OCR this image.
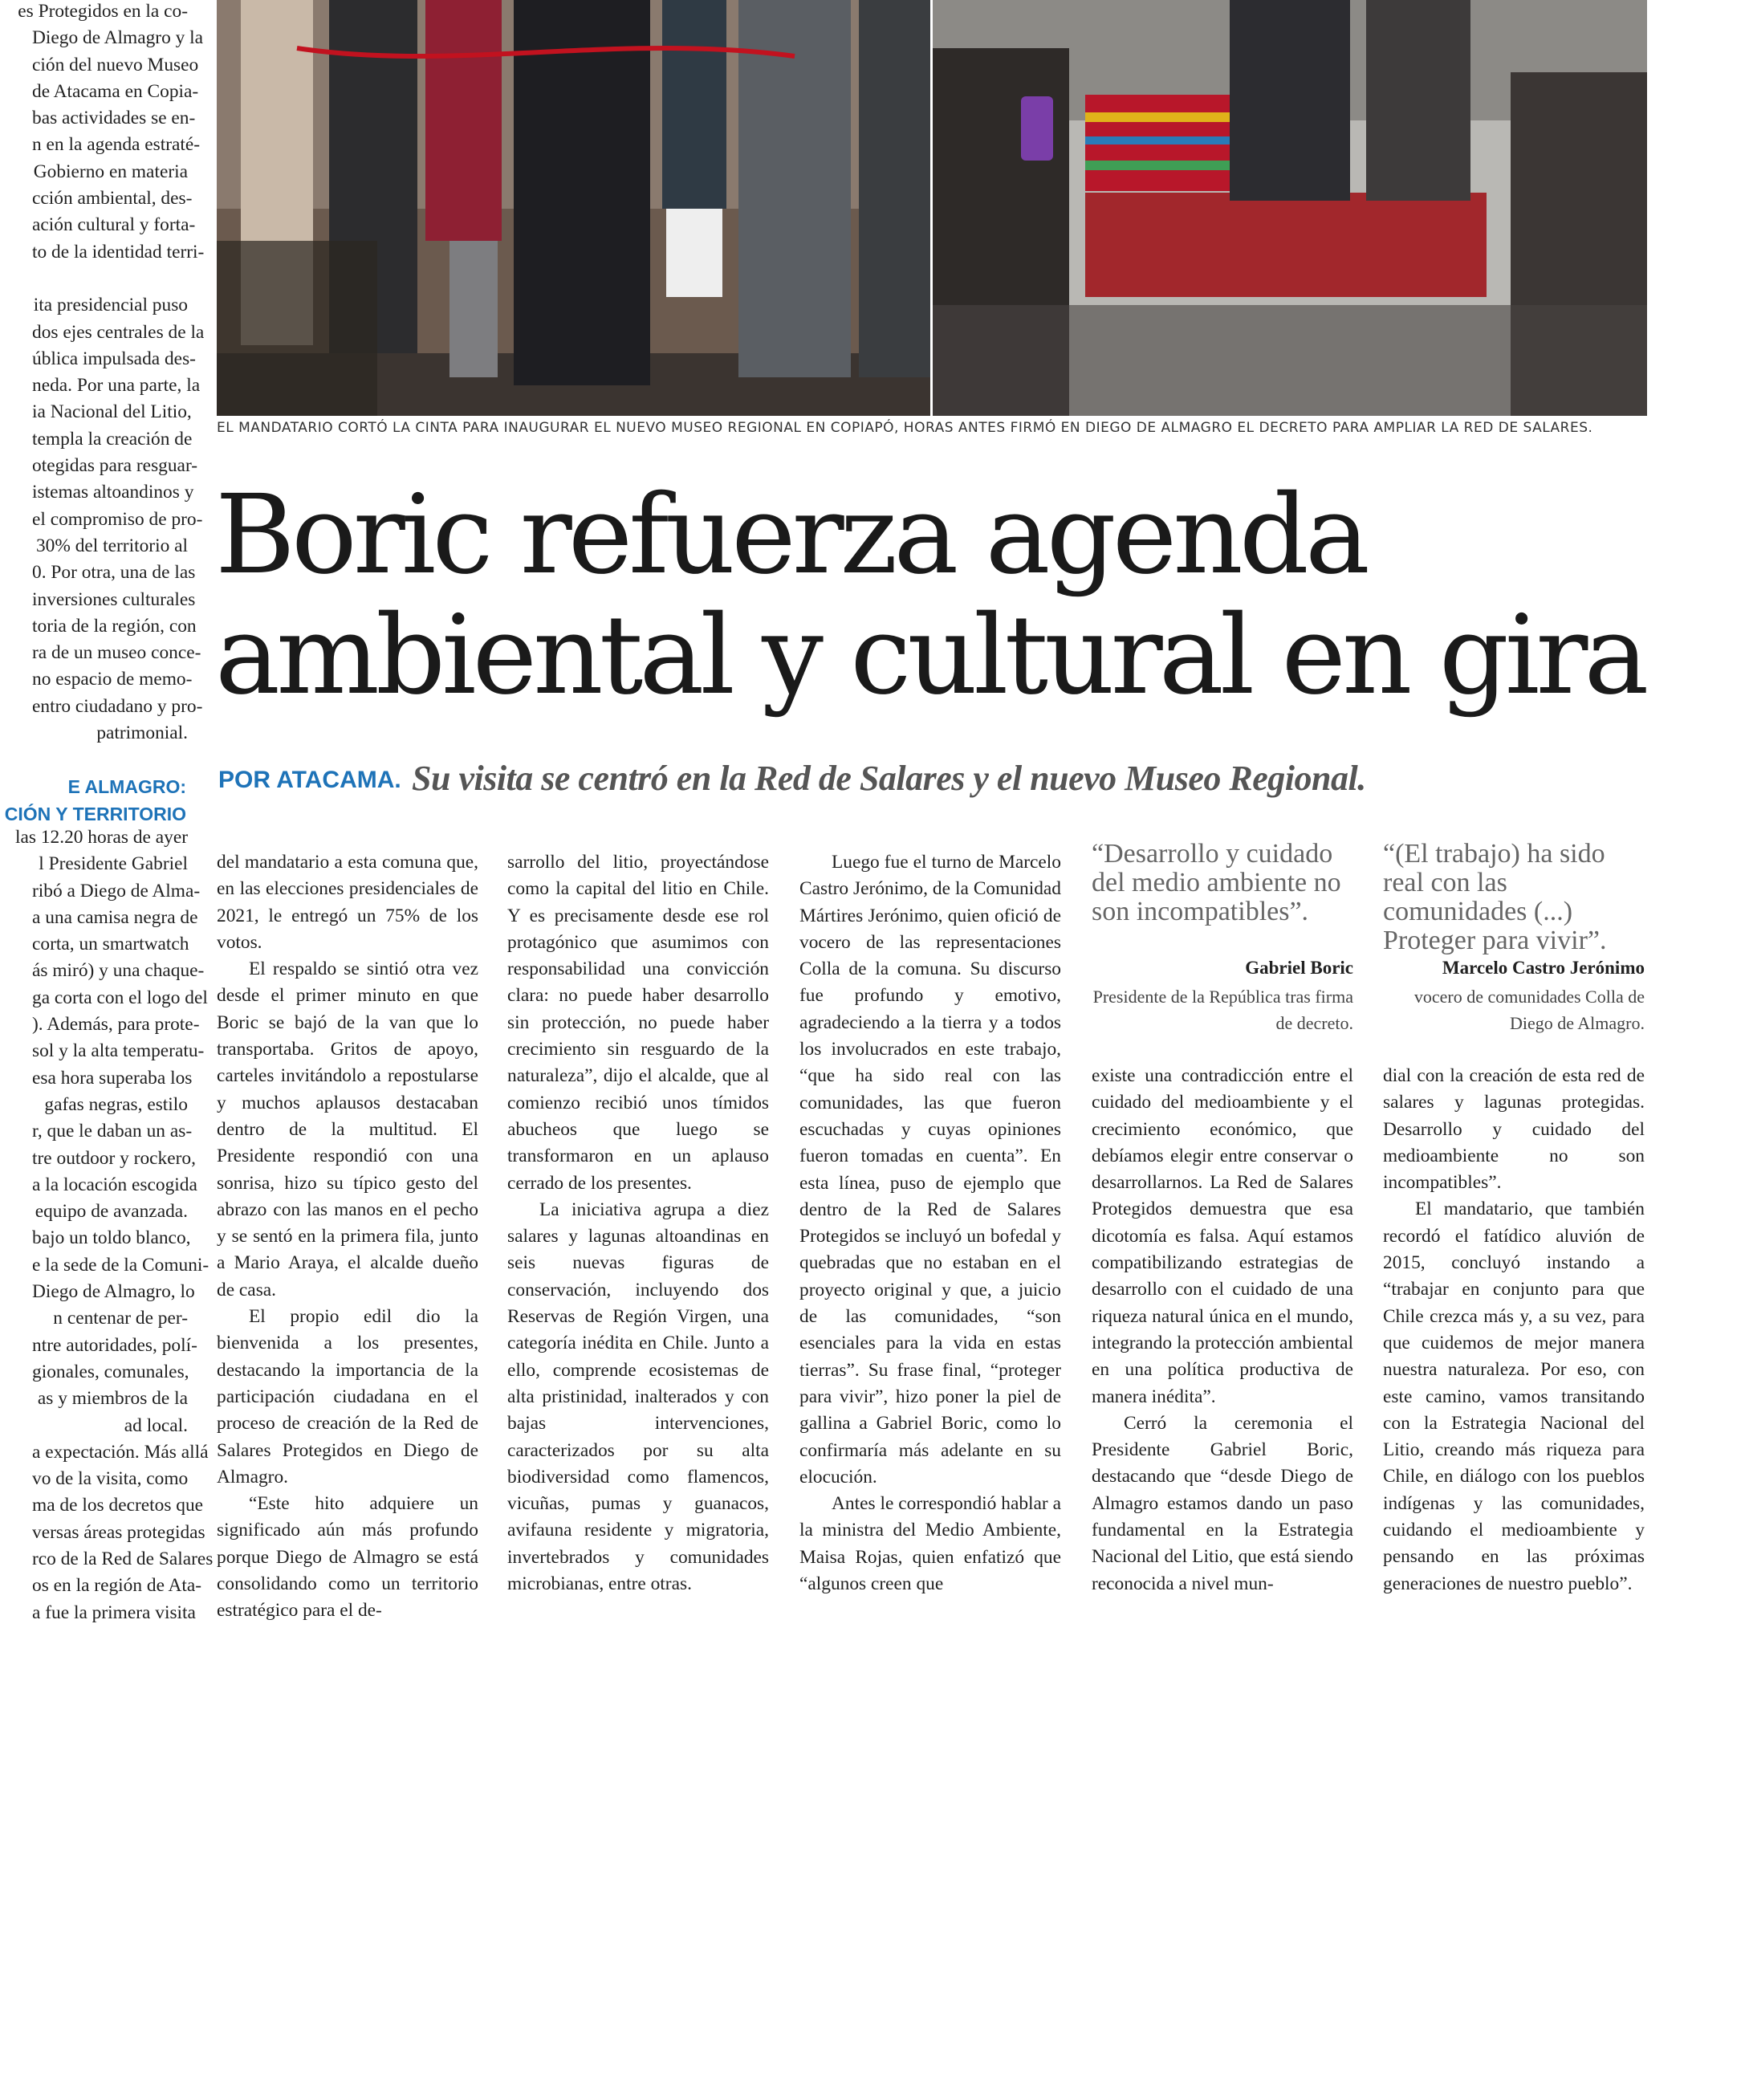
es Protegidos en la co-

Diego de Almagro y la

ción del nuevo Museo

de Atacama en Copia-

bas actividades se en-

n en la agenda estraté-

Gobierno en materia

cción ambiental, des-

ación cultural y forta-

to de la identidad terri-

ita presidencial puso

dos ejes centrales de la

ública impulsada des-

neda. Por una parte, la

ia Nacional del Litio,

templa la creación de

otegidas para resguar-

istemas altoandinos y

el compromiso de pro-

30% del territorio al

0. Por otra, una de las

inversiones culturales

toria de la región, con

ra de un museo conce-

no espacio de memo-

entro ciudadano y pro-

patrimonial.

E ALMAGRO:
CIÓN Y TERRITORIO

las 12.20 horas de ayer

l Presidente Gabriel

ribó a Diego de Alma-

a una camisa negra de

corta, un smartwatch

ás miró) y una chaque-

ga corta con el logo del

). Además, para prote-

sol y la alta temperatu-

esa hora superaba los

gafas negras, estilo

r, que le daban un as-

tre outdoor y rockero,

a la locación escogida

equipo de avanzada.

bajo un toldo blanco,

e la sede de la Comuni-

Diego de Almagro, lo

n centenar de per-

ntre autoridades, polí-

gionales, comunales,

as y miembros de la

ad local.

a expectación. Más allá

vo de la visita, como

ma de los decretos que

versas áreas protegidas

rco de la Red de Salares

os en la región de Ata-

a fue la primera visita

EL MANDATARIO CORTÓ LA CINTA PARA INAUGURAR EL NUEVO MUSEO REGIONAL EN COPIAPÓ, HORAS ANTES FIRMÓ EN DIEGO DE ALMAGRO EL DECRETO PARA AMPLIAR LA RED DE SALARES.
Boric refuerza agenda
ambiental y cultural en gira
POR ATACAMA. Su visita se centró en la Red de Salares y el nuevo Museo Regional.

del mandatario a esta comuna que, en las elecciones presidenciales de 2021, le entregó un 75% de los votos.

El respaldo se sintió otra vez desde el primer minuto en que Boric se bajó de la van que lo transportaba. Gritos de apoyo, carteles invitándolo a repostularse y muchos aplausos destacaban dentro de la multitud. El Presidente respondió con una sonrisa, hizo su típico gesto del abrazo con las manos en el pecho y se sentó en la primera fila, junto a Mario Araya, el alcalde dueño de casa.

El propio edil dio la bienvenida a los presentes, destacando la importancia de la participación ciudadana en el proceso de creación de la Red de Salares Protegidos en Diego de Almagro.

“Este hito adquiere un significado aún más profundo porque Diego de Almagro se está consolidando como un territorio estratégico para el de-

sarrollo del litio, proyectándose como la capital del litio en Chile. Y es precisamente desde ese rol protagónico que asumimos con responsabilidad una convicción clara: no puede haber desarrollo sin protección, no puede haber crecimiento sin resguardo de la naturaleza”, dijo el alcalde, que al comienzo recibió unos tímidos abucheos que luego se transformaron en un aplauso cerrado de los presentes.

La iniciativa agrupa a diez salares y lagunas altoandinas en seis nuevas figuras de conservación, incluyendo dos Reservas de Región Virgen, una categoría inédita en Chile. Junto a ello, comprende ecosistemas de alta pristinidad, inalterados y con bajas intervenciones, caracterizados por su alta biodiversidad como flamencos, vicuñas, pumas y guanacos, avifauna residente y migratoria, invertebrados y comunidades microbianas, entre otras.

Luego fue el turno de Marcelo Castro Jerónimo, de la Comunidad Mártires Jerónimo, quien ofició de vocero de las representaciones Colla de la comuna. Su discurso fue profundo y emotivo, agradeciendo a la tierra y a todos los involucrados en este trabajo, “que ha sido real con las comunidades, las que fueron escuchadas y cuyas opiniones fueron tomadas en cuenta”. En esta línea, puso de ejemplo que dentro de la Red de Salares Protegidos se incluyó un bofedal y quebradas que no estaban en el proyecto original y que, a juicio de las comunidades, “son esenciales para la vida en estas tierras”. Su frase final, “proteger para vivir”, hizo poner la piel de gallina a Gabriel Boric, como lo confirmaría más adelante en su elocución.

Antes le correspondió hablar a la ministra del Medio Ambiente, Maisa Rojas, quien enfatizó que “algunos creen que

“Desarrollo y cuidado del medio ambiente no son incompatibles”.
Gabriel Boric
Presidente de la República tras firma de decreto.
“(El trabajo) ha sido real con las comunidades (...) Proteger para vivir”.
Marcelo Castro Jerónimo
vocero de comunidades Colla de Diego de Almagro.

existe una contradicción entre el cuidado del medioambiente y el crecimiento económico, que debíamos elegir entre conservar o desarrollarnos. La Red de Salares Protegidos demuestra que esa dicotomía es falsa. Aquí estamos compatibilizando estrategias de desarrollo con el cuidado de una riqueza natural única en el mundo, integrando la protección ambiental en una política productiva de manera inédita”.

Cerró la ceremonia el Presidente Gabriel Boric, destacando que “desde Diego de Almagro estamos dando un paso fundamental en la Estrategia Nacional del Litio, que está siendo reconocida a nivel mun-

dial con la creación de esta red de salares y lagunas protegidas. Desarrollo y cuidado del medioambiente no son incompatibles”.

El mandatario, que también recordó el fatídico aluvión de 2015, concluyó instando a “trabajar en conjunto para que Chile crezca más y, a su vez, para que cuidemos de mejor manera nuestra naturaleza. Por eso, con este camino, vamos transitando con la Estrategia Nacional del Litio, creando más riqueza para Chile, en diálogo con los pueblos indígenas y las comunidades, cuidando el medioambiente y pensando en las próximas generaciones de nuestro pueblo”.
